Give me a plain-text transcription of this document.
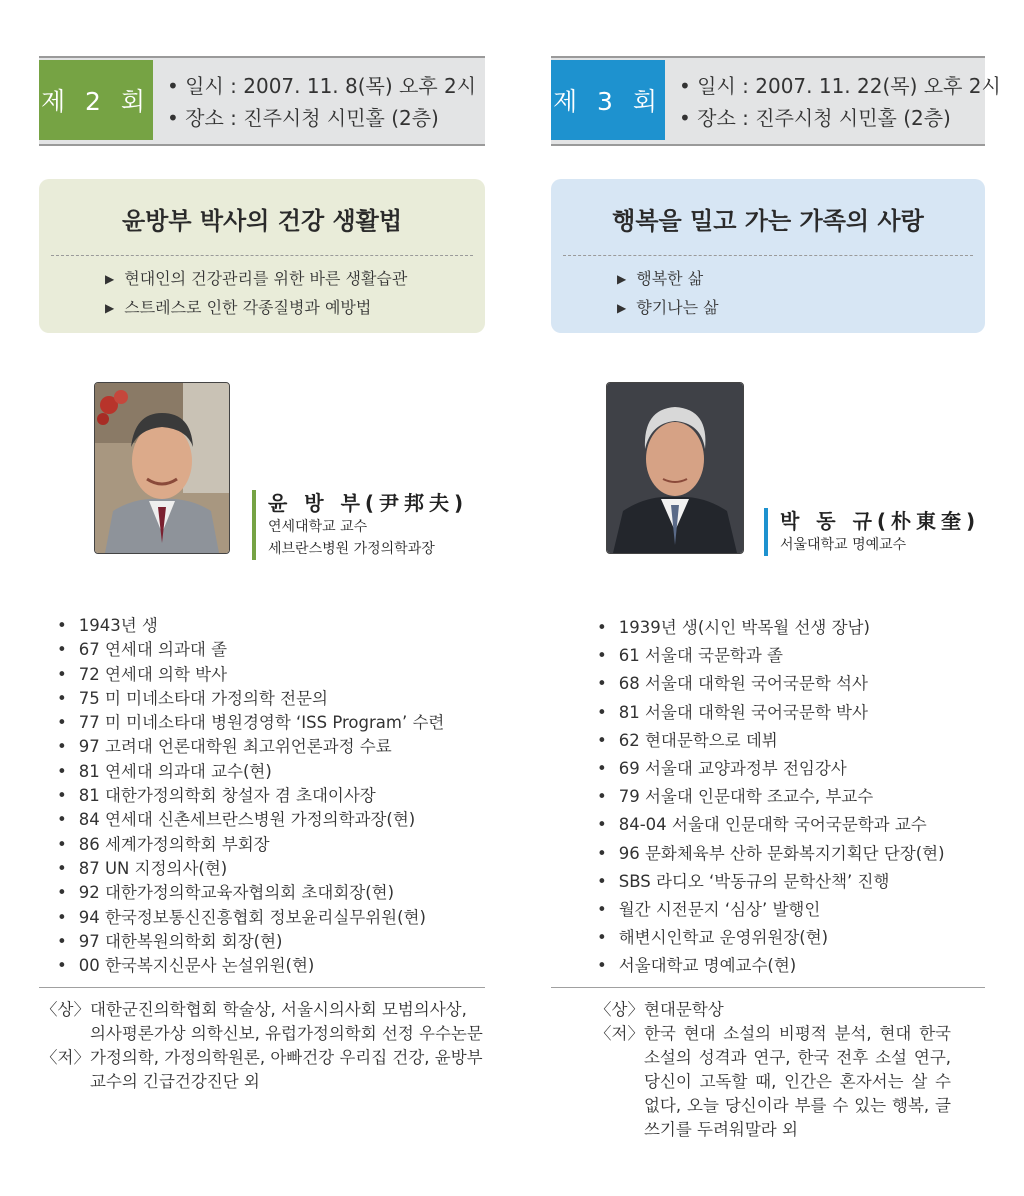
제 2 회
• 일시 : 2007. 11. 8(목) 오후 2시
• 장소 : 진주시청 시민홀 (2층)
윤방부 박사의 건강 생활법
▶ 현대인의 건강관리를 위한 바른 생활습관
▶ 스트레스로 인한 각종질병과 예방법
윤 방 부(尹邦夫)
연세대학교 교수
세브란스병원 가정의학과장
• 1943년 생
• 67 연세대 의과대 졸
• 72 연세대 의학 박사
• 75 미 미네소타대 가정의학 전문의
• 77 미 미네소타대 병원경영학 ‘ISS Program’ 수련
• 97 고려대 언론대학원 최고위언론과정 수료
• 81 연세대 의과대 교수(현)
• 81 대한가정의학회 창설자 겸 초대이사장
• 84 연세대 신촌세브란스병원 가정의학과장(현)
• 86 세계가정의학회 부회장
• 87 UN 지정의사(현)
• 92 대한가정의학교육자협의회 초대회장(현)
• 94 한국정보통신진흥협회 정보윤리실무위원(현)
• 97 대한복원의학회 회장(현)
• 00 한국복지신문사 논설위원(현)
〈상〉 대한군진의학협회 학술상, 서울시의사회 모범의사상, 의사평론가상 의학신보, 유럽가정의학회 선정 우수논문
〈저〉 가정의학, 가정의학원론, 아빠건강 우리집 건강, 윤방부 교수의 긴급건강진단 외
제 3 회
• 일시 : 2007. 11. 22(목) 오후 2시
• 장소 : 진주시청 시민홀 (2층)
행복을 밀고 가는 가족의 사랑
▶ 행복한 삶
▶ 향기나는 삶
박 동 규(朴東奎)
서울대학교 명예교수
• 1939년 생(시인 박목월 선생 장남)
• 61 서울대 국문학과 졸
• 68 서울대 대학원 국어국문학 석사
• 81 서울대 대학원 국어국문학 박사
• 62 현대문학으로 데뷔
• 69 서울대 교양과정부 전임강사
• 79 서울대 인문대학 조교수, 부교수
• 84-04 서울대 인문대학 국어국문학과 교수
• 96 문화체육부 산하 문화복지기획단 단장(현)
• SBS 라디오 ‘박동규의 문학산책’ 진행
• 월간 시전문지 ‘심상’ 발행인
• 해변시인학교 운영위원장(현)
• 서울대학교 명예교수(현)
〈상〉 현대문학상
〈저〉 한국 현대 소설의 비평적 분석, 현대 한국 소설의 성격과 연구, 한국 전후 소설 연구, 당신이 고독할 때, 인간은 혼자서는 살 수 없다, 오늘 당신이라 부를 수 있는 행복, 글쓰기를 두려워말라 외
